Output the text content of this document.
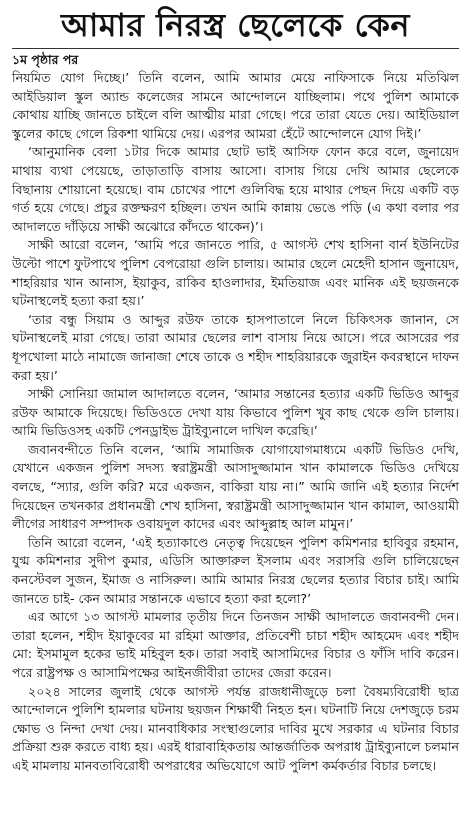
আমার নিরস্ত্র ছেলেকে কেন
১ম পৃষ্ঠার পর

নিয়মিত যোগ দিচ্ছে।’ তিনি বলেন, আমি আমার মেয়ে নাফিসাকে নিয়ে মতিঝিল আইডিয়াল স্কুল অ্যান্ড কলেজের সামনে আন্দোলনে যাচ্ছিলাম। পথে পুলিশ আমাকে কোথায় যাচ্ছি জানতে চাইলে বলি আত্মীয় মারা গেছে। পরে তারা যেতে দেয়। আইডিয়াল স্কুলের কাছে গেলে রিকশা থামিয়ে দেয়। এরপর আমরা হেঁটে আন্দোলনে যোগ দিই।’

‘আনুমানিক বেলা ১টার দিকে আমার ছোট ভাই আসিফ ফোন করে বলে, জুনায়েদ মাথায় ব্যথা পেয়েছে, তাড়াতাড়ি বাসায় আসো। বাসায় গিয়ে দেখি আমার ছেলেকে বিছানায় শোয়ানো হয়েছে। বাম চোখের পাশে গুলিবিদ্ধ হয়ে মাথার পেছন দিয়ে একটি বড় গর্ত হয়ে গেছে। প্রচুর রক্তক্ষরণ হচ্ছিল। তখন আমি কান্নায় ভেঙে পড়ি (এ কথা বলার পর আদালতে দাঁড়িয়ে সাক্ষী অঝোরে কাঁদতে থাকেন)’।

সাক্ষী আরো বলেন, ‘আমি পরে জানতে পারি, ৫ আগস্ট শেখ হাসিনা বার্ন ইউনিটের উল্টো পাশে ফুটপাথে পুলিশ বেপরোয়া গুলি চালায়। আমার ছেলে মেহেদী হাসান জুনায়েদ, শাহরিয়ার খান আনাস, ইয়াকুব, রাকিব হাওলাদার, ইমতিয়াজ এবং মানিক এই ছয়জনকে ঘটনাস্থলেই হত্যা করা হয়।’

‘তার বন্ধু সিয়াম ও আব্দুর রউফ তাকে হাসপাতালে নিলে চিকিৎসক জানান, সে ঘটনাস্থলেই মারা গেছে। তারা আমার ছেলের লাশ বাসায় নিয়ে আসে। পরে আসরের পর ধূপখোলা মাঠে নামাজে জানাজা শেষে তাকে ও শহীদ শাহরিয়ারকে জুরাইন কবরস্থানে দাফন করা হয়।’

সাক্ষী সোনিয়া জামাল আদালতে বলেন, ‘আমার সন্তানের হত্যার একটি ভিডিও আব্দুর রউফ আমাকে দিয়েছে। ভিডিওতে দেখা যায় কিভাবে পুলিশ খুব কাছ থেকে গুলি চালায়। আমি ভিডিওসহ একটি পেনড্রাইভ ট্রাইব্যুনালে দাখিল করেছি।’

জবানবন্দীতে তিনি বলেন, ‘আমি সামাজিক যোগাযোগমাধ্যমে একটি ভিডিও দেখি, যেখানে একজন পুলিশ সদস্য স্বরাষ্ট্রমন্ত্রী আসাদুজ্জামান খান কামালকে ভিডিও দেখিয়ে বলছে, “স্যার, গুলি করি? মরে একজন, বাকিরা যায় না।” আমি জানি এই হত্যার নির্দেশ দিয়েছেন তখনকার প্রধানমন্ত্রী শেখ হাসিনা, স্বরাষ্ট্রমন্ত্রী আসাদুজ্জামান খান কামাল, আওয়ামী লীগের সাধারণ সম্পাদক ওবায়দুল কাদের এবং আব্দুল্লাহ আল মামুন।’

তিনি আরো বলেন, ‘এই হত্যাকাণ্ডে নেতৃত্ব দিয়েছেন পুলিশ কমিশনার হাবিবুর রহমান, যুগ্ম কমিশনার সুদীপ কুমার, এডিসি আক্তারুল ইসলাম এবং সরাসরি গুলি চালিয়েছেন কনস্টেবল সুজন, ইমাজ ও নাসিরুল। আমি আমার নিরস্ত্র ছেলের হত্যার বিচার চাই। আমি জানতে চাই- কেন আমার সন্তানকে এভাবে হত্যা করা হলো?’

এর আগে ১৩ আগস্ট মামলার তৃতীয় দিনে তিনজন সাক্ষী আদালতে জবানবন্দী দেন। তারা হলেন, শহীদ ইয়াকুবের মা রহিমা আক্তার, প্রতিবেশী চাচা শহীদ আহমেদ এবং শহীদ মো: ইসমামুল হকের ভাই মহিবুল হক। তারা সবাই আসামিদের বিচার ও ফাঁসি দাবি করেন। পরে রাষ্ট্রপক্ষ ও আসামিপক্ষের আইনজীবীরা তাদের জেরা করেন।

২০২৪ সালের জুলাই থেকে আগস্ট পর্যন্ত রাজধানীজুড়ে চলা বৈষম্যবিরোধী ছাত্র আন্দোলনে পুলিশি হামলার ঘটনায় ছয়জন শিক্ষার্থী নিহত হন। ঘটনাটি নিয়ে দেশজুড়ে চরম ক্ষোভ ও নিন্দা দেখা দেয়। মানবাধিকার সংস্থাগুলোর দাবির মুখে সরকার এ ঘটনার বিচার প্রক্রিয়া শুরু করতে বাধ্য হয়। এরই ধারাবাহিকতায় আন্তর্জাতিক অপরাধ ট্রাইব্যুনালে চলমান এই মামলায় মানবতাবিরোধী অপরাধের অভিযোগে আট পুলিশ কর্মকর্তার বিচার চলছে।
